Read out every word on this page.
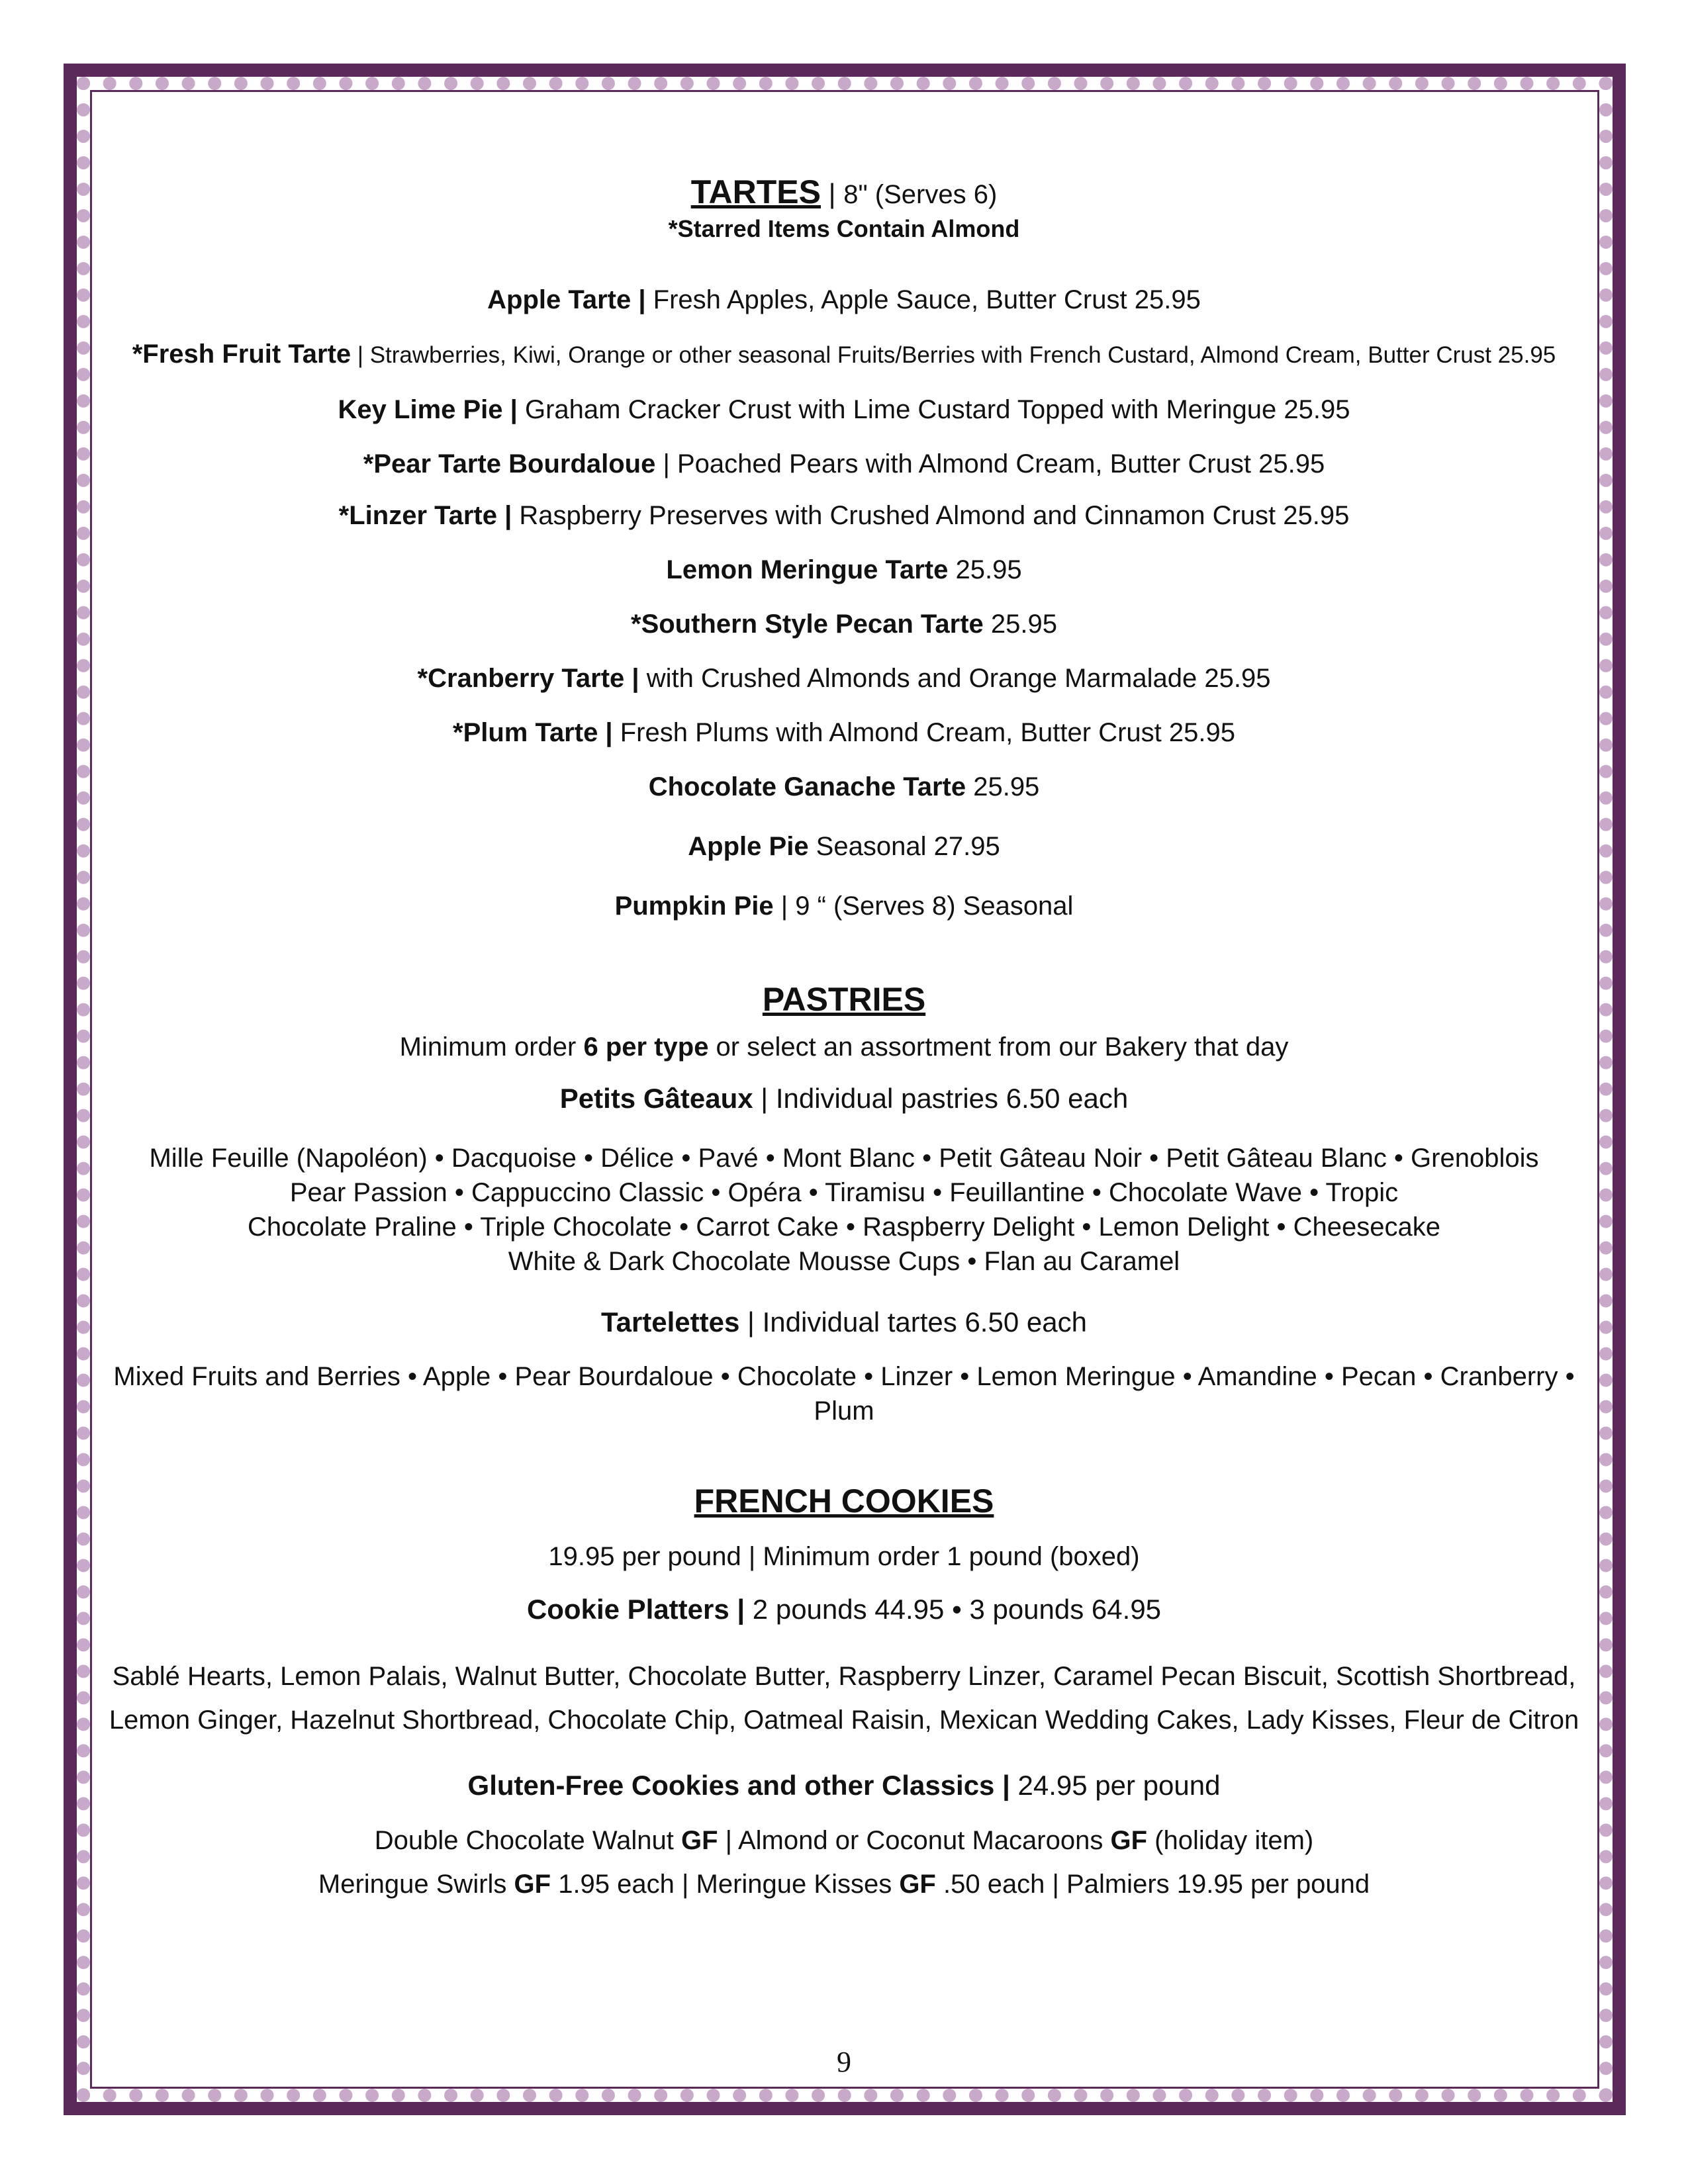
TARTES | 8" (Serves 6)
*Starred Items Contain Almond

Apple Tarte | Fresh Apples, Apple Sauce, Butter Crust 25.95

*Fresh Fruit Tarte | Strawberries, Kiwi, Orange or other seasonal Fruits/Berries with French Custard, Almond Cream, Butter Crust 25.95

Key Lime Pie | Graham Cracker Crust with Lime Custard Topped with Meringue 25.95

*Pear Tarte Bourdaloue | Poached Pears with Almond Cream, Butter Crust 25.95

*Linzer Tarte | Raspberry Preserves with Crushed Almond and Cinnamon Crust 25.95

Lemon Meringue Tarte 25.95

*Southern Style Pecan Tarte 25.95

*Cranberry Tarte | with Crushed Almonds and Orange Marmalade 25.95

*Plum Tarte | Fresh Plums with Almond Cream, Butter Crust 25.95

Chocolate Ganache Tarte 25.95

Apple Pie Seasonal 27.95

Pumpkin Pie | 9 “ (Serves 8) Seasonal

PASTRIES
Minimum order 6 per type or select an assortment from our Bakery that day
Petits Gâteaux | Individual pastries 6.50 each
Mille Feuille (Napoléon) • Dacquoise • Délice • Pavé • Mont Blanc • Petit Gâteau Noir • Petit Gâteau Blanc • Grenoblois
Pear Passion • Cappuccino Classic • Opéra • Tiramisu • Feuillantine • Chocolate Wave • Tropic
Chocolate Praline • Triple Chocolate • Carrot Cake • Raspberry Delight • Lemon Delight • Cheesecake
White & Dark Chocolate Mousse Cups • Flan au Caramel
Tartelettes | Individual tartes 6.50 each
Mixed Fruits and Berries • Apple • Pear Bourdaloue • Chocolate • Linzer • Lemon Meringue • Amandine • Pecan • Cranberry • Plum
FRENCH COOKIES
19.95 per pound | Minimum order 1 pound (boxed)
Cookie Platters | 2 pounds 44.95 • 3 pounds 64.95
Sablé Hearts, Lemon Palais, Walnut Butter, Chocolate Butter, Raspberry Linzer, Caramel Pecan Biscuit, Scottish Shortbread,
Lemon Ginger, Hazelnut Shortbread, Chocolate Chip, Oatmeal Raisin, Mexican Wedding Cakes, Lady Kisses, Fleur de Citron
Gluten-Free Cookies and other Classics | 24.95 per pound
Double Chocolate Walnut GF | Almond or Coconut Macaroons GF (holiday item)
Meringue Swirls GF 1.95 each | Meringue Kisses GF .50 each | Palmiers 19.95 per pound
9
